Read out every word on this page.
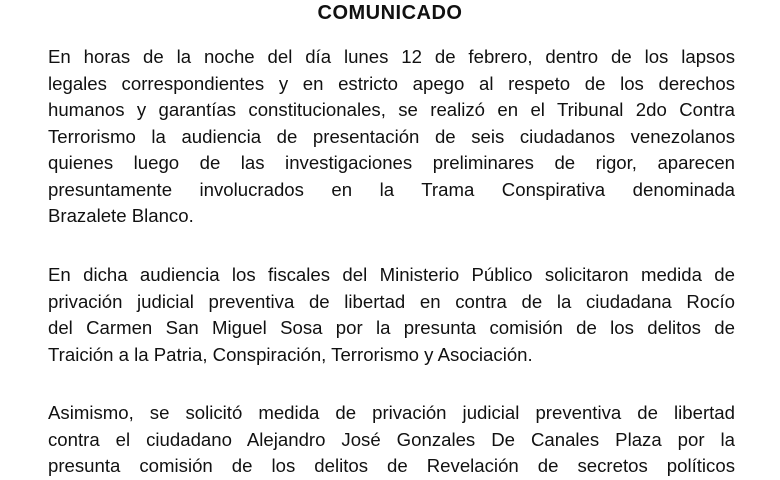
COMUNICADO
En horas de la noche del día lunes 12 de febrero, dentro de los lapsos
legales correspondientes y en estricto apego al respeto de los derechos
humanos y garantías constitucionales, se realizó en el Tribunal 2do Contra
Terrorismo la audiencia de presentación de seis ciudadanos venezolanos
quienes luego de las investigaciones preliminares de rigor, aparecen
presuntamente involucrados en la Trama Conspirativa denominada
Brazalete Blanco.
En dicha audiencia los fiscales del Ministerio Público solicitaron medida de
privación judicial preventiva de libertad en contra de la ciudadana Rocío
del Carmen San Miguel Sosa por la presunta comisión de los delitos de
Traición a la Patria, Conspiración, Terrorismo y Asociación.
Asimismo, se solicitó medida de privación judicial preventiva de libertad
contra el ciudadano Alejandro José Gonzales De Canales Plaza por la
presunta comisión de los delitos de Revelación de secretos políticos
